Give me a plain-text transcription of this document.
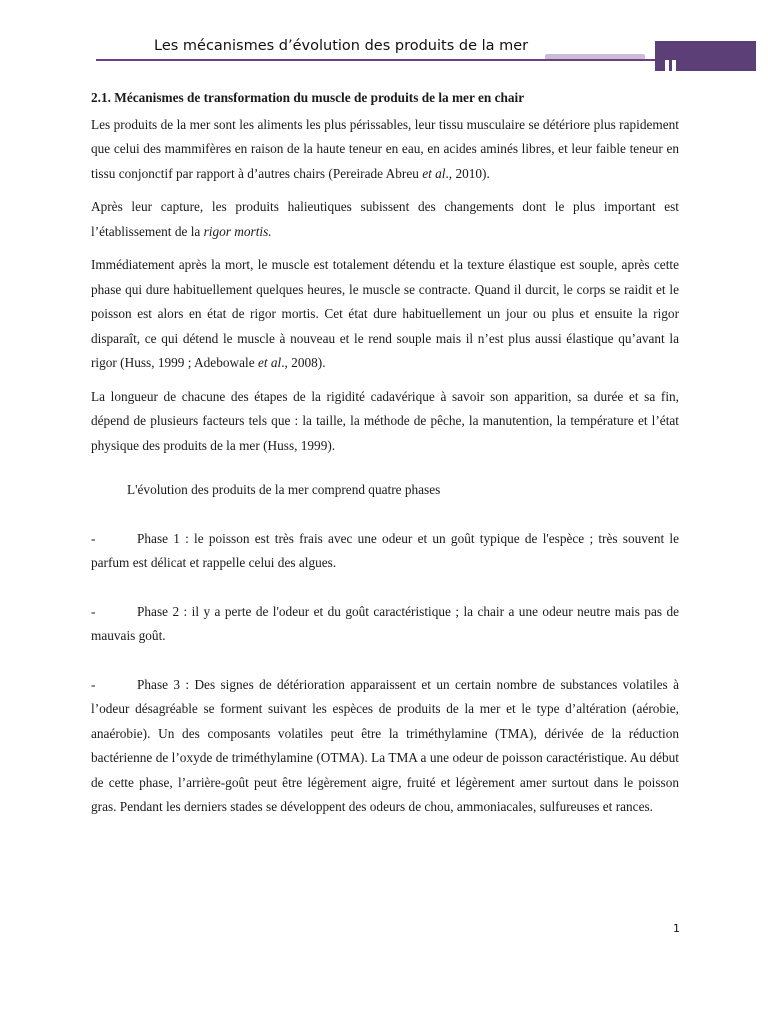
Les mécanismes d’évolution des produits de la mer

2.1. Mécanismes de transformation du muscle de produits de la mer en chair

Les produits de la mer sont les aliments les plus périssables, leur tissu musculaire se détériore plus rapidement que celui des mammifères en raison de la haute teneur en eau, en acides aminés libres, et leur faible teneur en tissu conjonctif par rapport à d’autres chairs (Pereirade Abreu et al., 2010).

Après leur capture, les produits halieutiques subissent des changements dont le plus important est l’établissement de la rigor mortis.

Immédiatement après la mort, le muscle est totalement détendu et la texture élastique est souple, après cette phase qui dure habituellement quelques heures, le muscle se contracte. Quand il durcit, le corps se raidit et le poisson est alors en état de rigor mortis. Cet état dure habituellement un jour ou plus et ensuite la rigor disparaît, ce qui détend le muscle à nouveau et le rend souple mais il n’est plus aussi élastique qu’avant la rigor (Huss, 1999 ; Adebowale et al., 2008).

La longueur de chacune des étapes de la rigidité cadavérique à savoir son apparition, sa durée et sa fin, dépend de plusieurs facteurs tels que : la taille, la méthode de pêche, la manutention, la température et l’état physique des produits de la mer (Huss, 1999).

L'évolution des produits de la mer comprend quatre phases

-	Phase 1 : le poisson est très frais avec une odeur et un goût typique de l'espèce ; très souvent le parfum est délicat et rappelle celui des algues.

-	Phase 2 : il y a perte de l'odeur et du goût caractéristique ; la chair a une odeur neutre mais pas de mauvais goût.

-	Phase 3 : Des signes de détérioration apparaissent et un certain nombre de substances volatiles à l’odeur désagréable se forment suivant les espèces de produits de la mer et le type d’altération (aérobie, anaérobie). Un des composants volatiles peut être la triméthylamine (TMA), dérivée de la réduction bactérienne de l’oxyde de triméthylamine (OTMA). La TMA a une odeur de poisson caractéristique. Au début de cette phase, l’arrière-goût peut être légèrement aigre, fruité et légèrement amer surtout dans le poisson gras. Pendant les derniers stades se développent des odeurs de chou, ammoniacales, sulfureuses et rances.

1
